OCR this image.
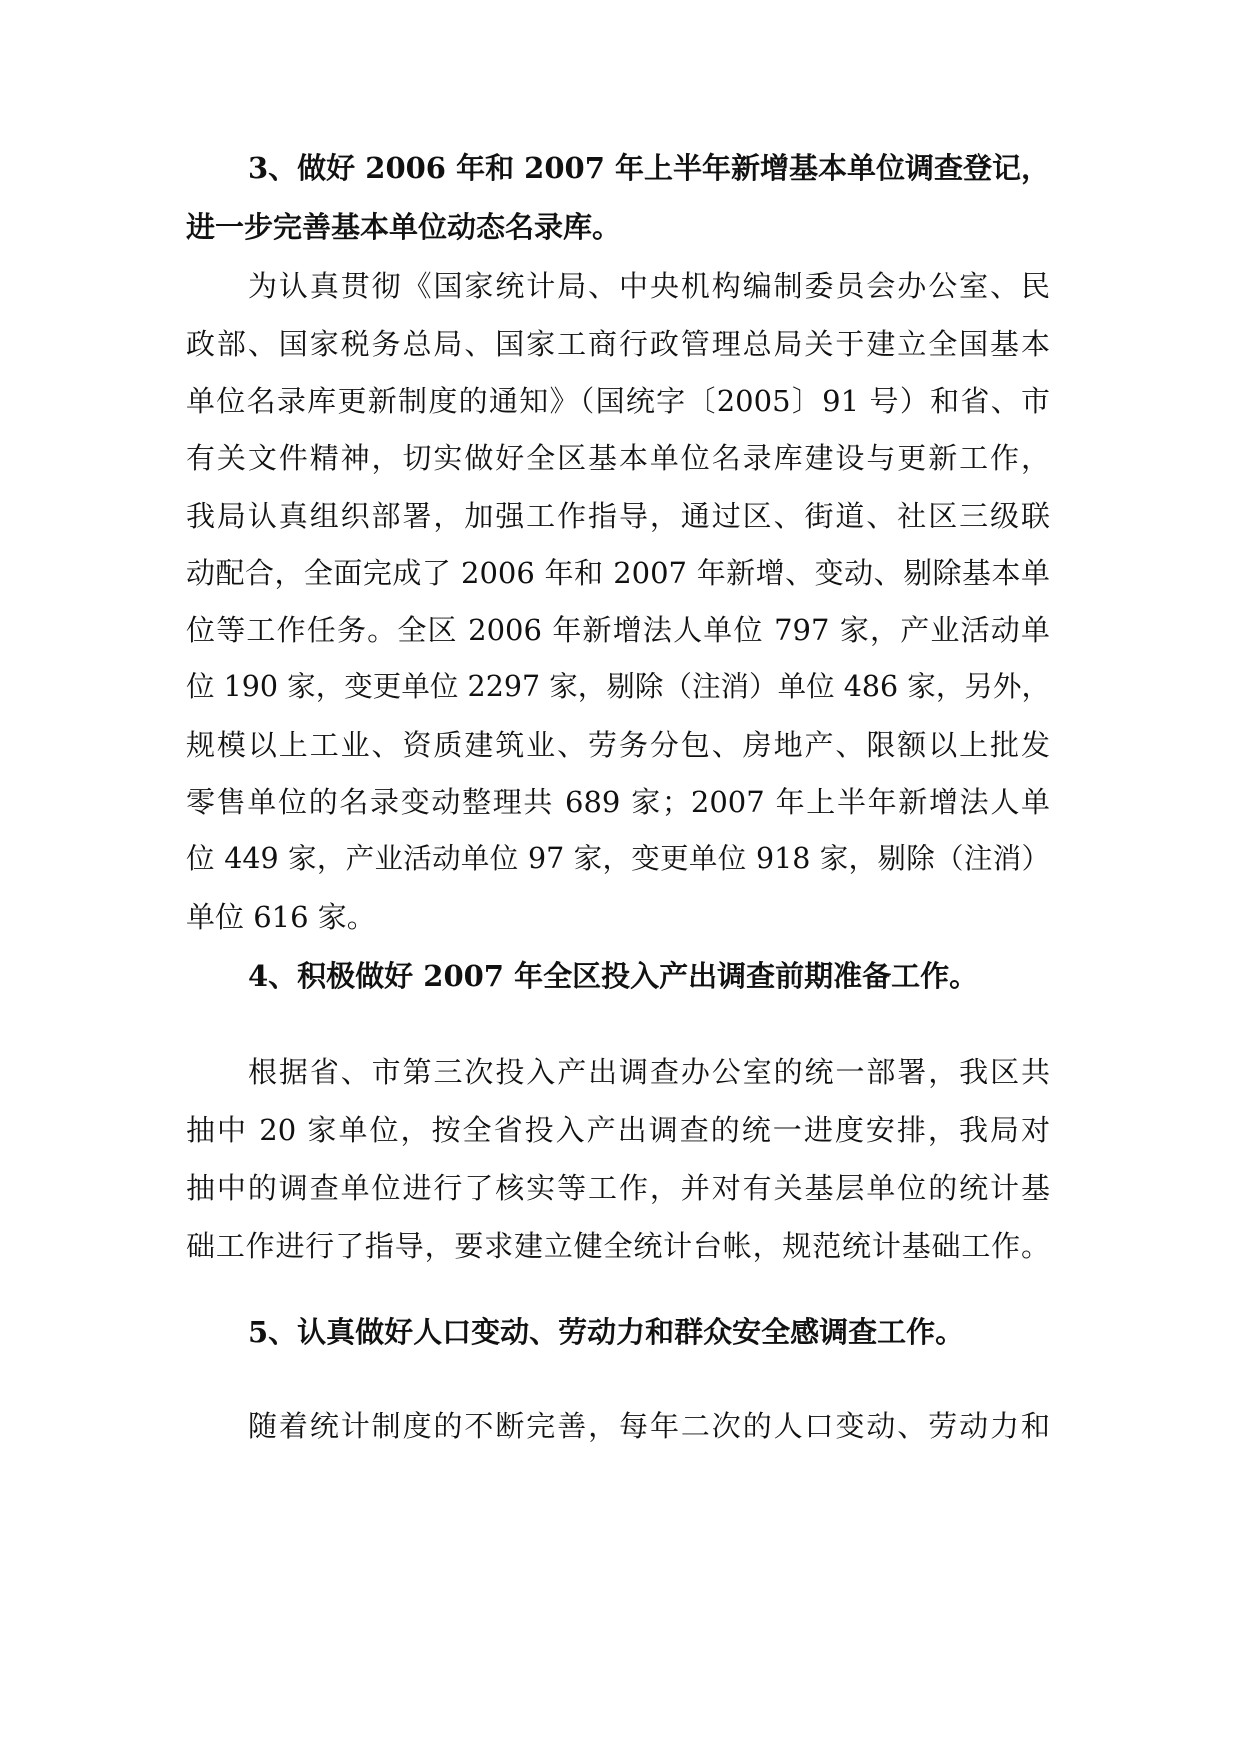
3、做好 2006 年和 2007 年上半年新增基本单位调查登记，
进一步完善基本单位动态名录库。
为认真贯彻《国家统计局、中央机构编制委员会办公室、民
政部、国家税务总局、国家工商行政管理总局关于建立全国基本
单位名录库更新制度的通知》（国统字〔2005〕91 号）和省、市
有关文件精神，切实做好全区基本单位名录库建设与更新工作，
我局认真组织部署，加强工作指导，通过区、街道、社区三级联
动配合，全面完成了 2006 年和 2007 年新增、变动、剔除基本单
位等工作任务。全区 2006 年新增法人单位 797 家，产业活动单
位 190 家，变更单位 2297 家，剔除（注消）单位 486 家，另外，
规模以上工业、资质建筑业、劳务分包、房地产、限额以上批发
零售单位的名录变动整理共 689 家；2007 年上半年新增法人单
位 449 家，产业活动单位 97 家，变更单位 918 家，剔除（注消）
单位 616 家。
4、积极做好 2007 年全区投入产出调查前期准备工作。
根据省、市第三次投入产出调查办公室的统一部署，我区共
抽中 20 家单位，按全省投入产出调查的统一进度安排，我局对
抽中的调查单位进行了核实等工作，并对有关基层单位的统计基
础工作进行了指导，要求建立健全统计台帐，规范统计基础工作。
5、认真做好人口变动、劳动力和群众安全感调查工作。
随着统计制度的不断完善，每年二次的人口变动、劳动力和
